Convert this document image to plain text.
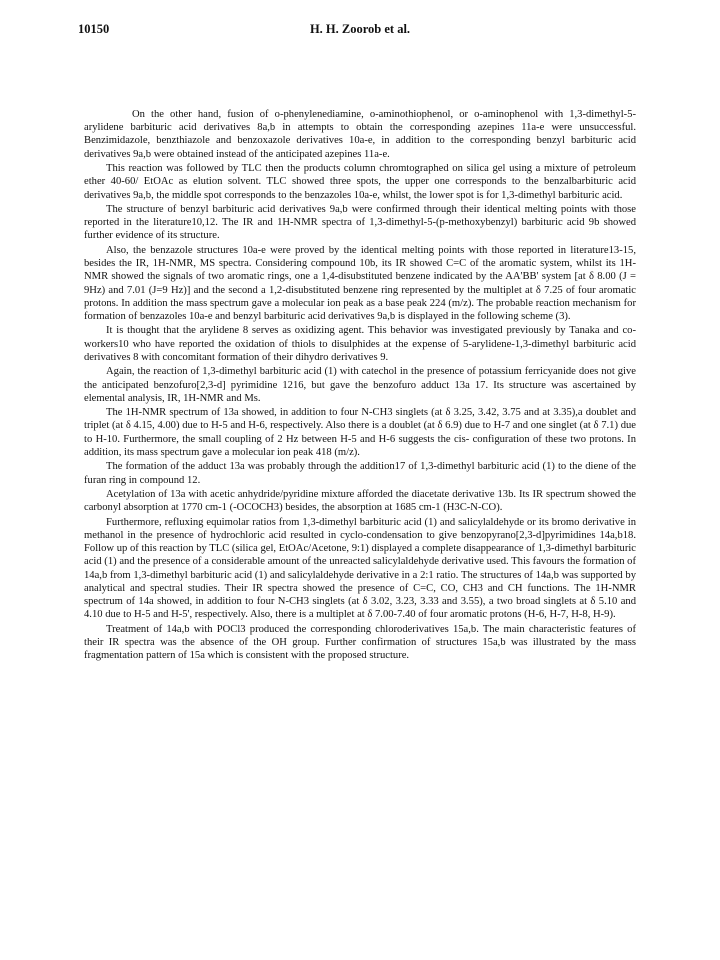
10150	H. H. Zoorob et al.

On the other hand, fusion of o-phenylenediamine, o-aminothiophenol, or o-aminophenol with 1,3-dimethyl-5-arylidene barbituric acid derivatives 8a,b in attempts to obtain the corresponding azepines 11a-e were unsuccessful. Benzimidazole, benzthiazole and benzoxazole derivatives 10a-e, in addition to the corresponding benzyl barbituric acid derivatives 9a,b were obtained instead of the anticipated azepines 11a-e.

This reaction was followed by TLC then the products column chromtographed on silica gel using a mixture of petroleum ether 40-60/ EtOAc as elution solvent. TLC showed three spots, the upper one corresponds to the benzalbarbituric acid derivatives 9a,b, the middle spot corresponds to the benzazoles 10a-e, whilst, the lower spot is for 1,3-dimethyl barbituric acid.

The structure of benzyl barbituric acid derivatives 9a,b were confirmed through their identical melting points with those reported in the literature10,12. The IR and 1H-NMR spectra of 1,3-dimethyl-5-(p-methoxybenzyl) barbituric acid 9b showed further evidence of its structure.

Also, the benzazole structures 10a-e were proved by the identical melting points with those reported in literature13-15, besides the IR, 1H-NMR, MS spectra. Considering compound 10b, its IR showed C=C of the aromatic system, whilst its 1H-NMR showed the signals of two aromatic rings, one a 1,4-disubstituted benzene indicated by the AA'BB' system [at δ 8.00 (J = 9Hz) and 7.01 (J=9 Hz)] and the second a 1,2-disubstituted benzene ring represented by the multiplet at δ 7.25 of four aromatic protons. In addition the mass spectrum gave a molecular ion peak as a base peak 224 (m/z). The probable reaction mechanism for formation of benzazoles 10a-e and benzyl barbituric acid derivatives 9a,b is displayed in the following scheme (3).

It is thought that the arylidene 8 serves as oxidizing agent. This behavior was investigated previously by Tanaka and co-workers10 who have reported the oxidation of thiols to disulphides at the expense of 5-arylidene-1,3-dimethyl barbituric acid derivatives 8 with concomitant formation of their dihydro derivatives 9.

Again, the reaction of 1,3-dimethyl barbituric acid (1) with catechol in the presence of potassium ferricyanide does not give the anticipated benzofuro[2,3-d] pyrimidine 1216, but gave the benzofuro adduct 13a 17. Its structure was ascertained by elemental analysis, IR, 1H-NMR and Ms.

The 1H-NMR spectrum of 13a showed, in addition to four N-CH3 singlets (at δ 3.25, 3.42, 3.75 and at 3.35),a doublet and triplet (at δ 4.15, 4.00) due to H-5 and H-6, respectively. Also there is a doublet (at δ 6.9) due to H-7 and one singlet (at δ 7.1) due to H-10. Furthermore, the small coupling of 2 Hz between H-5 and H-6 suggests the cis- configuration of these two protons. In addition, its mass spectrum gave a molecular ion peak 418 (m/z).

The formation of the adduct 13a was probably through the addition17 of 1,3-dimethyl barbituric acid (1) to the diene of the furan ring in compound 12.

Acetylation of 13a with acetic anhydride/pyridine mixture afforded the diacetate derivative 13b. Its IR spectrum showed the carbonyl absorption at 1770 cm-1 (-OCOCH3) besides, the absorption at 1685 cm-1 (H3C-N-CO).

Furthermore, refluxing equimolar ratios from 1,3-dimethyl barbituric acid (1) and salicylaldehyde or its bromo derivative in methanol in the presence of hydrochloric acid resulted in cyclo-condensation to give benzopyrano[2,3-d]pyrimidines 14a,b18. Follow up of this reaction by TLC (silica gel, EtOAc/Acetone, 9:1) displayed a complete disappearance of 1,3-dimethyl barbituric acid (1) and the presence of a considerable amount of the unreacted salicylaldehyde derivative used. This favours the formation of 14a,b from 1,3-dimethyl barbituric acid (1) and salicylaldehyde derivative in a 2:1 ratio. The structures of 14a,b was supported by analytical and spectral studies. Their IR spectra showed the presence of C=C, CO, CH3 and CH functions. The 1H-NMR spectrum of 14a showed, in addition to four N-CH3 singlets (at δ 3.02, 3.23, 3.33 and 3.55), a two broad singlets at δ 5.10 and 4.10 due to H-5 and H-5', respectively. Also, there is a multiplet at δ 7.00-7.40 of four aromatic protons (H-6, H-7, H-8, H-9).

Treatment of 14a,b with POCl3 produced the corresponding chloroderivatives 15a,b. The main characteristic features of their IR spectra was the absence of the OH group. Further confirmation of structures 15a,b was illustrated by the mass fragmentation pattern of 15a which is consistent with the proposed structure.
